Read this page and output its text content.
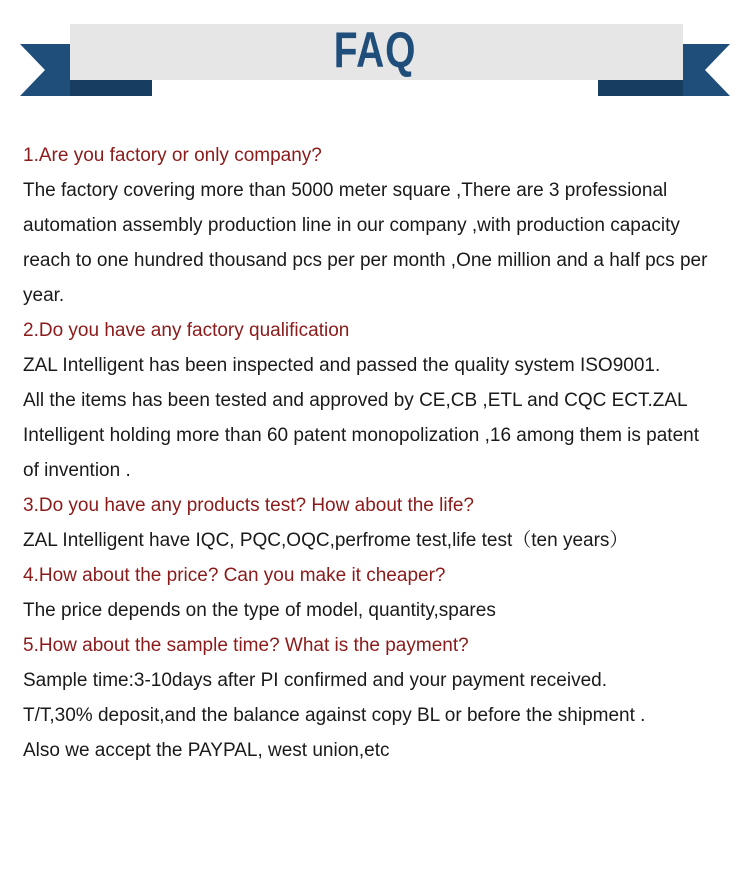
FAQ
1.Are you factory or only company?
The factory covering more than 5000 meter square ,There are 3 professional
automation assembly production line in our company ,with production capacity
reach to one hundred thousand pcs per per month ,One million and a half pcs per
year.
2.Do you have any factory qualification
ZAL Intelligent has been inspected and passed the quality system ISO9001.
All the items has been tested and approved by CE,CB ,ETL and CQC ECT.ZAL
Intelligent holding more than 60 patent monopolization ,16 among them is patent
of invention .
3.Do you have any products test? How about the life?
ZAL Intelligent have IQC, PQC,OQC,perfrome test,life test（ten years）
4.How about the price? Can you make it cheaper?
The price depends on the type of model, quantity,spares
5.How about the sample time? What is the payment?
Sample time:3-10days after PI confirmed and your payment received.
T/T,30% deposit,and the balance against copy BL or before the shipment .
Also we accept the PAYPAL, west union,etc
